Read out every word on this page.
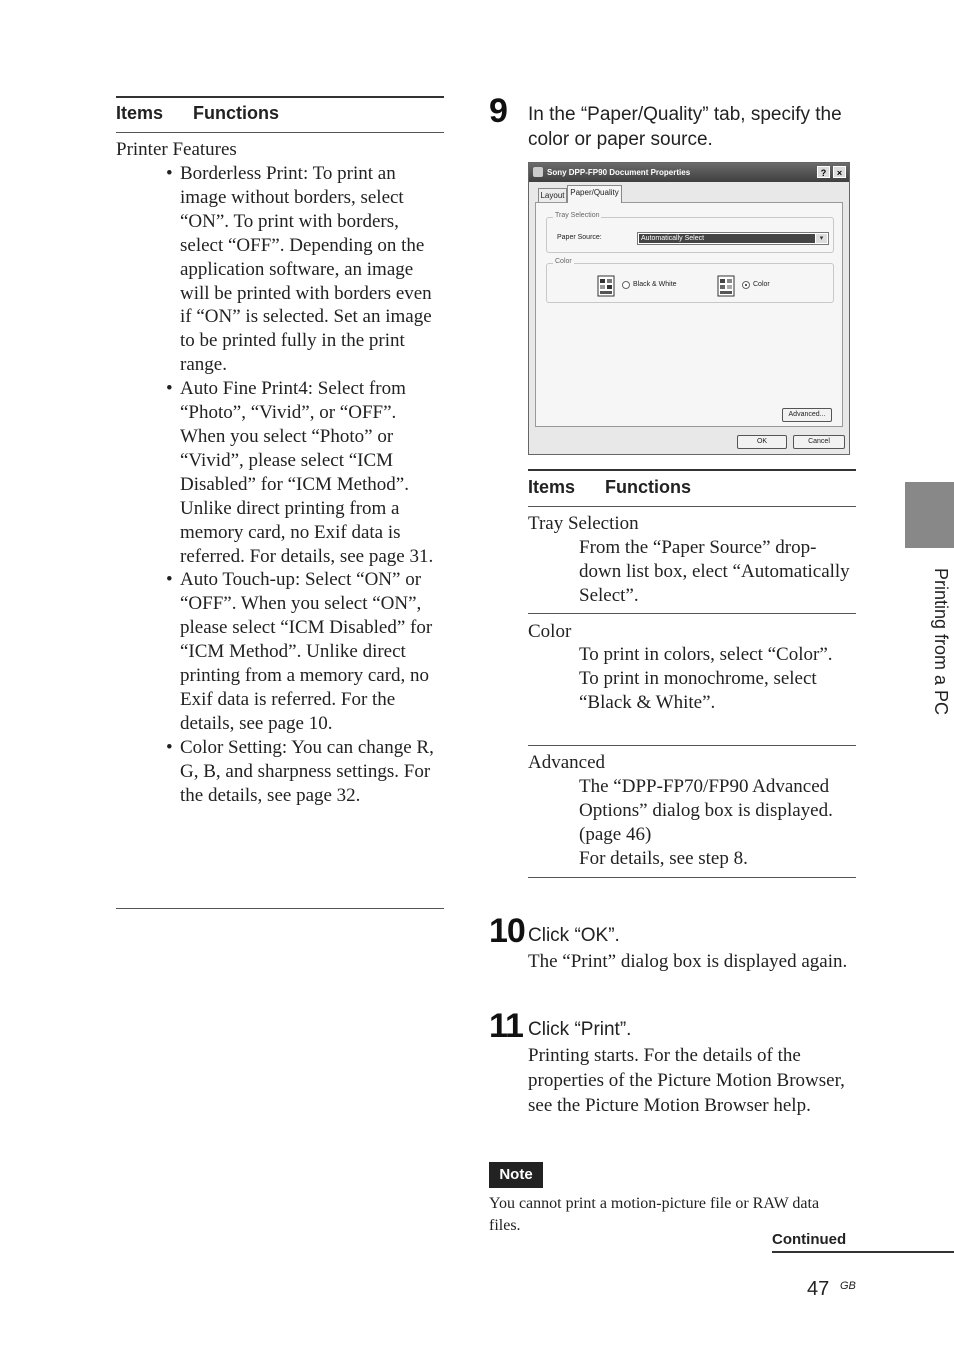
Items Functions
Printer Features
• Borderless Print: To print an image without borders, select “ON”. To print with borders, select “OFF”. Depending on the application software, an image will be printed with borders even if “ON” is selected. Set an image to be printed fully in the print range.
• Auto Fine Print4: Select from “Photo”, “Vivid”, or “OFF”. When you select “Photo” or “Vivid”, please select “ICM Disabled” for “ICM Method”. Unlike direct printing from a memory card, no Exif data is referred. For details, see page 31.
• Auto Touch-up: Select “ON” or “OFF”. When you select “ON”, please select “ICM Disabled” for “ICM Method”. Unlike direct printing from a memory card, no Exif data is referred. For the details, see page 10.
• Color Setting: You can change R, G, B, and sharpness settings. For the details, see page 32.
9 In the “Paper/Quality” tab, specify the color or paper source.
Sony DPP-FP90 Document Properties	?	×
Layout Paper/Quality
Tray Selection
Paper Source:	Automatically Select	▾
Color
Black & White	Color
Advanced...
OK	Cancel
Items Functions
Tray Selection
From the “Paper Source” drop-down list box, elect “Automatically Select”.
Color
To print in colors, select “Color”. To print in monochrome, select “Black & White”.
Advanced
The “DPP-FP70/FP90 Advanced Options” dialog box is displayed. (page 46)
For details, see step 8.
10 Click “OK”.
The “Print” dialog box is displayed again.
11 Click “Print”.
Printing starts. For the details of the properties of the Picture Motion Browser, see the Picture Motion Browser help.
Note
You cannot print a motion-picture file or RAW data files.
Continued
47 GB
Printing from a PC
